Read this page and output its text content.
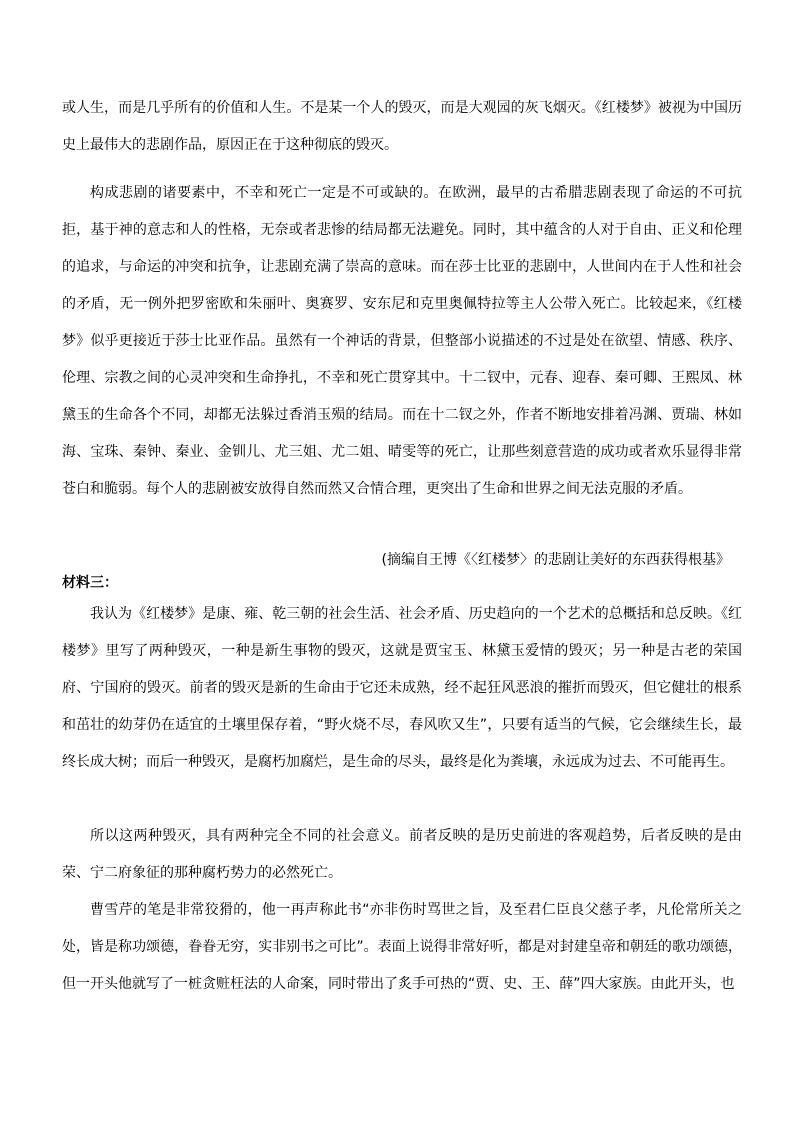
或人生，而是几乎所有的价值和人生。不是某一个人的毁灭，而是大观园的灰飞烟灭。《红楼梦》被视为中国历史上最伟大的悲剧作品，原因正在于这种彻底的毁灭。
构成悲剧的诸要素中，不幸和死亡一定是不可或缺的。在欧洲，最早的古希腊悲剧表现了命运的不可抗拒，基于神的意志和人的性格，无奈或者悲惨的结局都无法避免。同时，其中蕴含的人对于自由、正义和伦理的追求，与命运的冲突和抗争，让悲剧充满了崇高的意味。而在莎士比亚的悲剧中，人世间内在于人性和社会的矛盾，无一例外把罗密欧和朱丽叶、奥赛罗、安东尼和克里奥佩特拉等主人公带入死亡。比较起来，《红楼梦》似乎更接近于莎士比亚作品。虽然有一个神话的背景，但整部小说描述的不过是处在欲望、情感、秩序、伦理、宗教之间的心灵冲突和生命挣扎，不幸和死亡贯穿其中。十二钗中，元春、迎春、秦可卿、王熙凤、林黛玉的生命各个不同，却都无法躲过香消玉殒的结局。而在十二钗之外，作者不断地安排着冯渊、贾瑞、林如海、宝珠、秦钟、秦业、金钏儿、尤三姐、尤二姐、晴雯等的死亡，让那些刻意营造的成功或者欢乐显得非常苍白和脆弱。每个人的悲剧被安放得自然而然又合情合理，更突出了生命和世界之间无法克服的矛盾。
(摘编自王博《〈红楼梦〉的悲剧让美好的东西获得根基》
材料三：
我认为《红楼梦》是康、雍、乾三朝的社会生活、社会矛盾、历史趋向的一个艺术的总概括和总反映。《红楼梦》里写了两种毁灭，一种是新生事物的毁灭，这就是贾宝玉、林黛玉爱情的毁灭；另一种是古老的荣国府、宁国府的毁灭。前者的毁灭是新的生命由于它还未成熟，经不起狂风恶浪的摧折而毁灭，但它健壮的根系和茁壮的幼芽仍在适宜的土壤里保存着，“野火烧不尽，春风吹又生”，只要有适当的气候，它会继续生长，最终长成大树；而后一种毁灭，是腐朽加腐烂，是生命的尽头，最终是化为粪壤，永远成为过去、不可能再生。
所以这两种毁灭，具有两种完全不同的社会意义。前者反映的是历史前进的客观趋势，后者反映的是由荣、宁二府象征的那种腐朽势力的必然死亡。
曹雪芹的笔是非常狡猾的，他一再声称此书“亦非伤时骂世之旨，及至君仁臣良父慈子孝，凡伦常所关之处，皆是称功颂德，眷眷无穷，实非别书之可比”。表面上说得非常好听，都是对封建皇帝和朝廷的歌功颂德，但一开头他就写了一桩贪赃枉法的人命案，同时带出了炙手可热的“贾、史、王、薛”四大家族。由此开头，也
